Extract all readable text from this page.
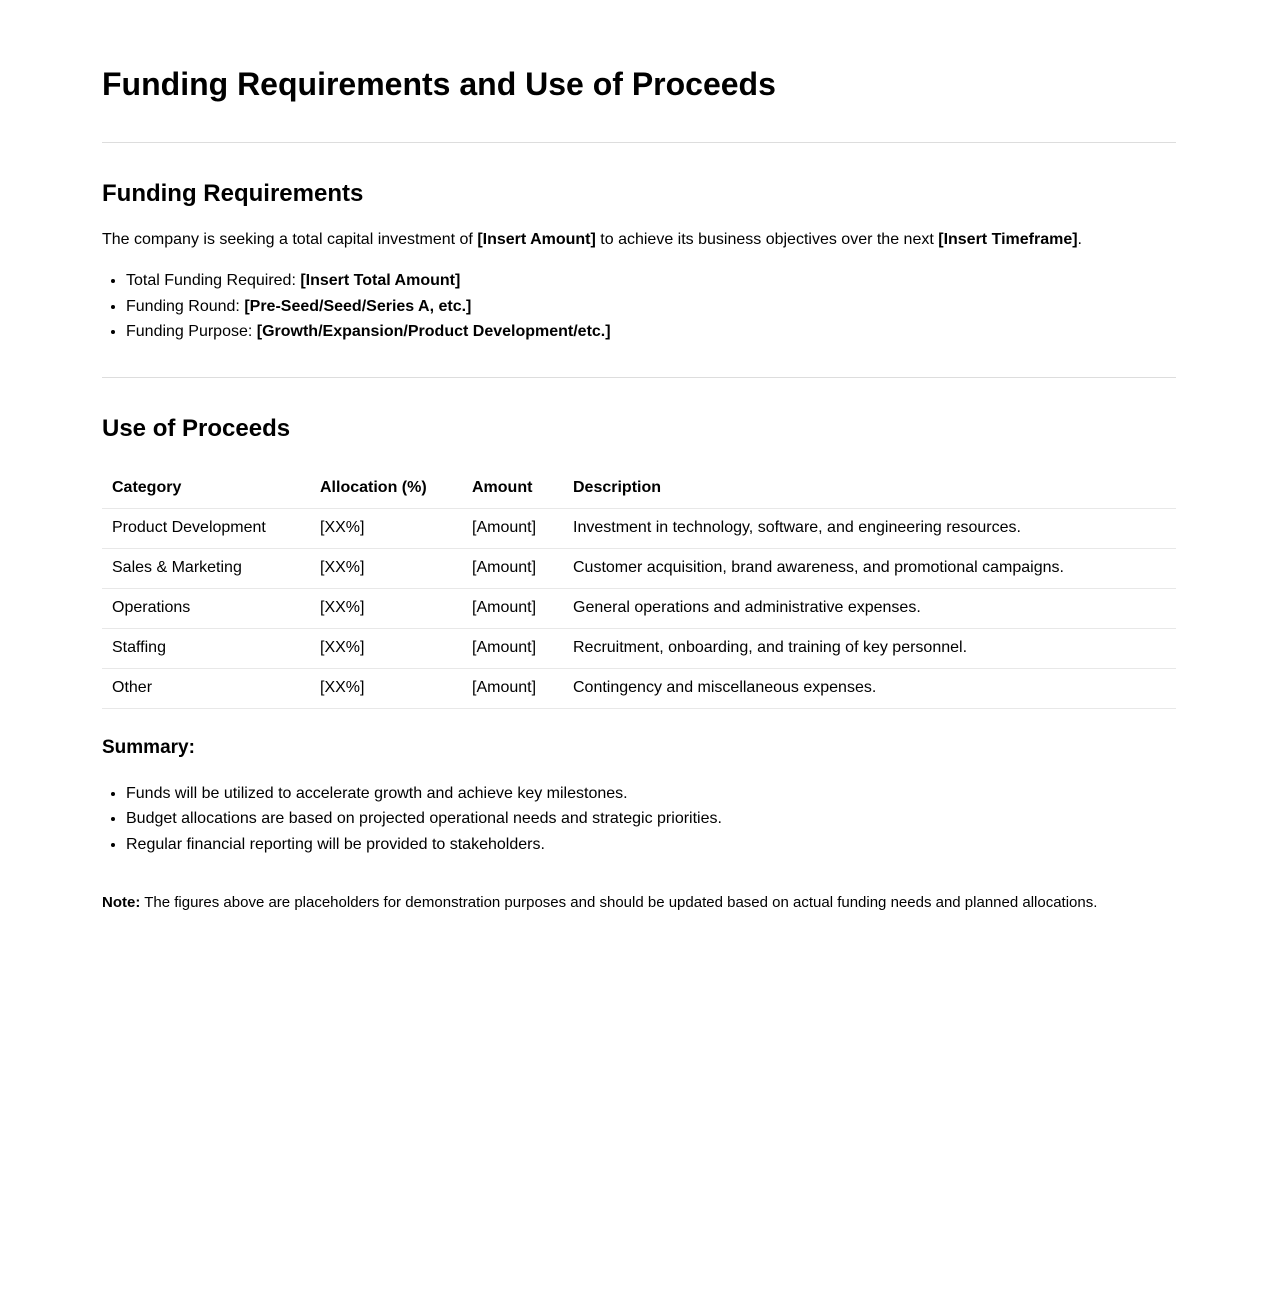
Funding Requirements and Use of Proceeds
Funding Requirements

The company is seeking a total capital investment of [Insert Amount] to achieve its business objectives over the next [Insert Timeframe].

• Total Funding Required: [Insert Total Amount]
• Funding Round: [Pre-Seed/Seed/Series A, etc.]
• Funding Purpose: [Growth/Expansion/Product Development/etc.]
Use of Proceeds
Category	Allocation (%)	Amount	Description
Product Development	[XX%]	[Amount]	Investment in technology, software, and engineering resources.
Sales & Marketing	[XX%]	[Amount]	Customer acquisition, brand awareness, and promotional campaigns.
Operations	[XX%]	[Amount]	General operations and administrative expenses.
Staffing	[XX%]	[Amount]	Recruitment, onboarding, and training of key personnel.
Other	[XX%]	[Amount]	Contingency and miscellaneous expenses.
Summary:
• Funds will be utilized to accelerate growth and achieve key milestones.
• Budget allocations are based on projected operational needs and strategic priorities.
• Regular financial reporting will be provided to stakeholders.

Note: The figures above are placeholders for demonstration purposes and should be updated based on actual funding needs and planned allocations.
